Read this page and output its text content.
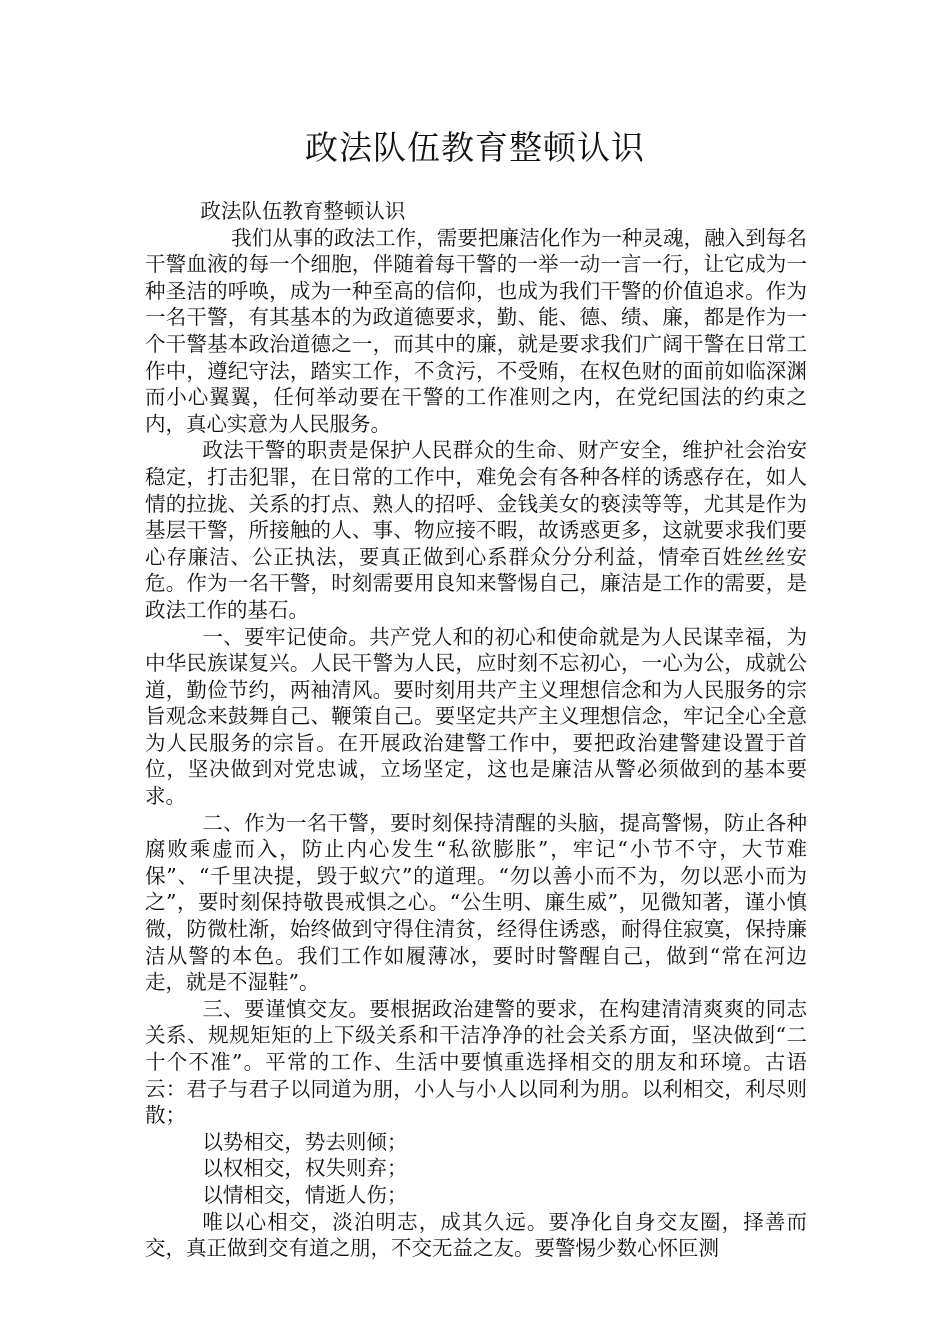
政法队伍教育整顿认识

政法队伍教育整顿认识

我们从事的政法工作，需要把廉洁化作为一种灵魂，融入到每名干警血液的每一个细胞，伴随着每干警的一举一动一言一行，让它成为一种圣洁的呼唤，成为一种至高的信仰，也成为我们干警的价值追求。作为一名干警，有其基本的为政道德要求，勤、能、德、绩、廉，都是作为一个干警基本政治道德之一，而其中的廉，就是要求我们广阔干警在日常工作中，遵纪守法，踏实工作，不贪污，不受贿，在权色财的面前如临深渊而小心翼翼，任何举动要在干警的工作准则之内，在党纪国法的约束之内，真心实意为人民服务。

政法干警的职责是保护人民群众的生命、财产安全，维护社会治安稳定，打击犯罪，在日常的工作中，难免会有各种各样的诱惑存在，如人情的拉拢、关系的打点、熟人的招呼、金钱美女的亵渎等等，尤其是作为基层干警，所接触的人、事、物应接不暇，故诱惑更多，这就要求我们要心存廉洁、公正执法，要真正做到心系群众分分利益，情牵百姓丝丝安危。作为一名干警，时刻需要用良知来警惕自己，廉洁是工作的需要，是政法工作的基石。

一、要牢记使命。共产党人和的初心和使命就是为人民谋幸福，为中华民族谋复兴。人民干警为人民，应时刻不忘初心，一心为公，成就公道，勤俭节约，两袖清风。要时刻用共产主义理想信念和为人民服务的宗旨观念来鼓舞自己、鞭策自己。要坚定共产主义理想信念，牢记全心全意为人民服务的宗旨。在开展政治建警工作中，要把政治建警建设置于首位，坚决做到对党忠诚，立场坚定，这也是廉洁从警必须做到的基本要求。

二、作为一名干警，要时刻保持清醒的头脑，提高警惕，防止各种腐败乘虚而入，防止内心发生“私欲膨胀”，牢记“小节不守，大节难保”、“千里决提，毁于蚁穴”的道理。“勿以善小而不为，勿以恶小而为之”，要时刻保持敬畏戒惧之心。“公生明、廉生威”，见微知著，谨小慎微，防微杜渐，始终做到守得住清贫，经得住诱惑，耐得住寂寞，保持廉洁从警的本色。我们工作如履薄冰，要时时警醒自己，做到“常在河边走，就是不湿鞋”。

三、要谨慎交友。要根据政治建警的要求，在构建清清爽爽的同志关系、规规矩矩的上下级关系和干洁净净的社会关系方面，坚决做到“二十个不准”。平常的工作、生活中要慎重选择相交的朋友和环境。古语云：君子与君子以同道为朋，小人与小人以同利为朋。以利相交，利尽则散；

以势相交，势去则倾；

以权相交，权失则弃；

以情相交，情逝人伤；

唯以心相交，淡泊明志，成其久远。要净化自身交友圈，择善而交，真正做到交有道之朋，不交无益之友。要警惕少数心怀叵测
